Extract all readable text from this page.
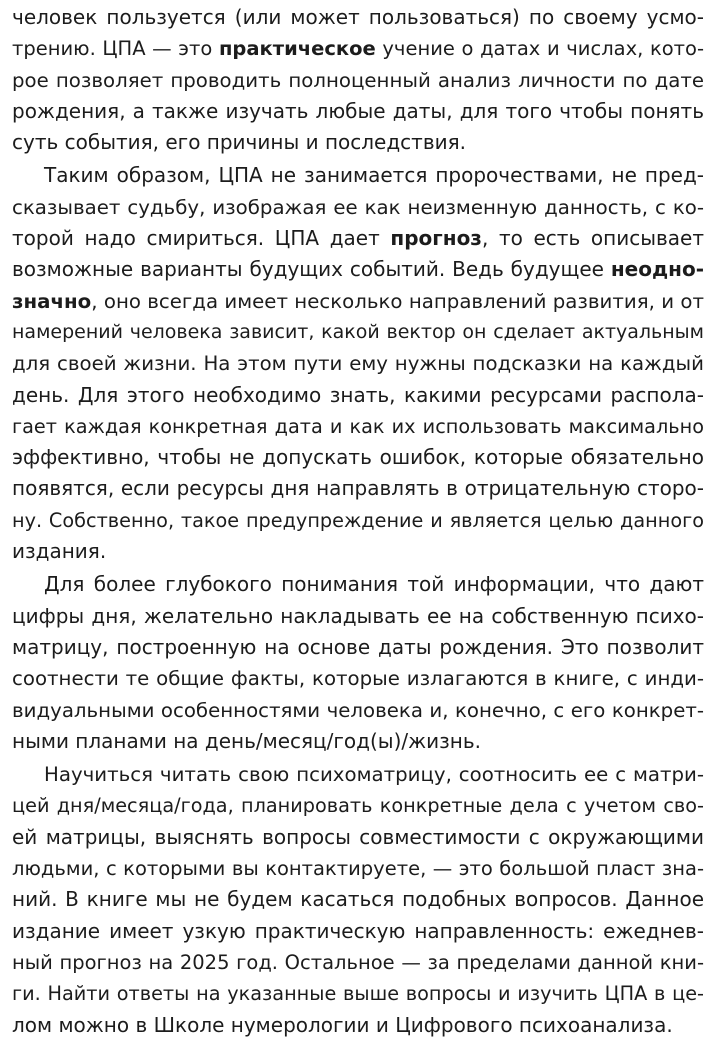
человек пользуется (или может пользоваться) по своему усмо-
трению. ЦПА — это практическое учение о датах и числах, кото-
рое позволяет проводить полноценный анализ личности по дате
рождения, а также изучать любые даты, для того чтобы понять
суть события, его причины и последствия.
Таким образом, ЦПА не занимается пророчествами, не пред-
сказывает судьбу, изображая ее как неизменную данность, с ко-
торой надо смириться. ЦПА дает прогноз, то есть описывает
возможные варианты будущих событий. Ведь будущее неодно-
значно, оно всегда имеет несколько направлений развития, и от
намерений человека зависит, какой вектор он сделает актуальным
для своей жизни. На этом пути ему нужны подсказки на каждый
день. Для этого необходимо знать, какими ресурсами распола-
гает каждая конкретная дата и как их использовать максимально
эффективно, чтобы не допускать ошибок, которые обязательно
появятся, если ресурсы дня направлять в отрицательную сторо-
ну. Собственно, такое предупреждение и является целью данного
издания.
Для более глубокого понимания той информации, что дают
цифры дня, желательно накладывать ее на собственную психо-
матрицу, построенную на основе даты рождения. Это позволит
соотнести те общие факты, которые излагаются в книге, с инди-
видуальными особенностями человека и, конечно, с его конкрет-
ными планами на день/месяц/год(ы)/жизнь.
Научиться читать свою психоматрицу, соотносить ее с матри-
цей дня/месяца/года, планировать конкретные дела с учетом сво-
ей матрицы, выяснять вопросы совместимости с окружающими
людьми, с которыми вы контактируете, — это большой пласт зна-
ний. В книге мы не будем касаться подобных вопросов. Данное
издание имеет узкую практическую направленность: ежеднев-
ный прогноз на 2025 год. Остальное — за пределами данной кни-
ги. Найти ответы на указанные выше вопросы и изучить ЦПА в це-
лом можно в Школе нумерологии и Цифрового психоанализа.
